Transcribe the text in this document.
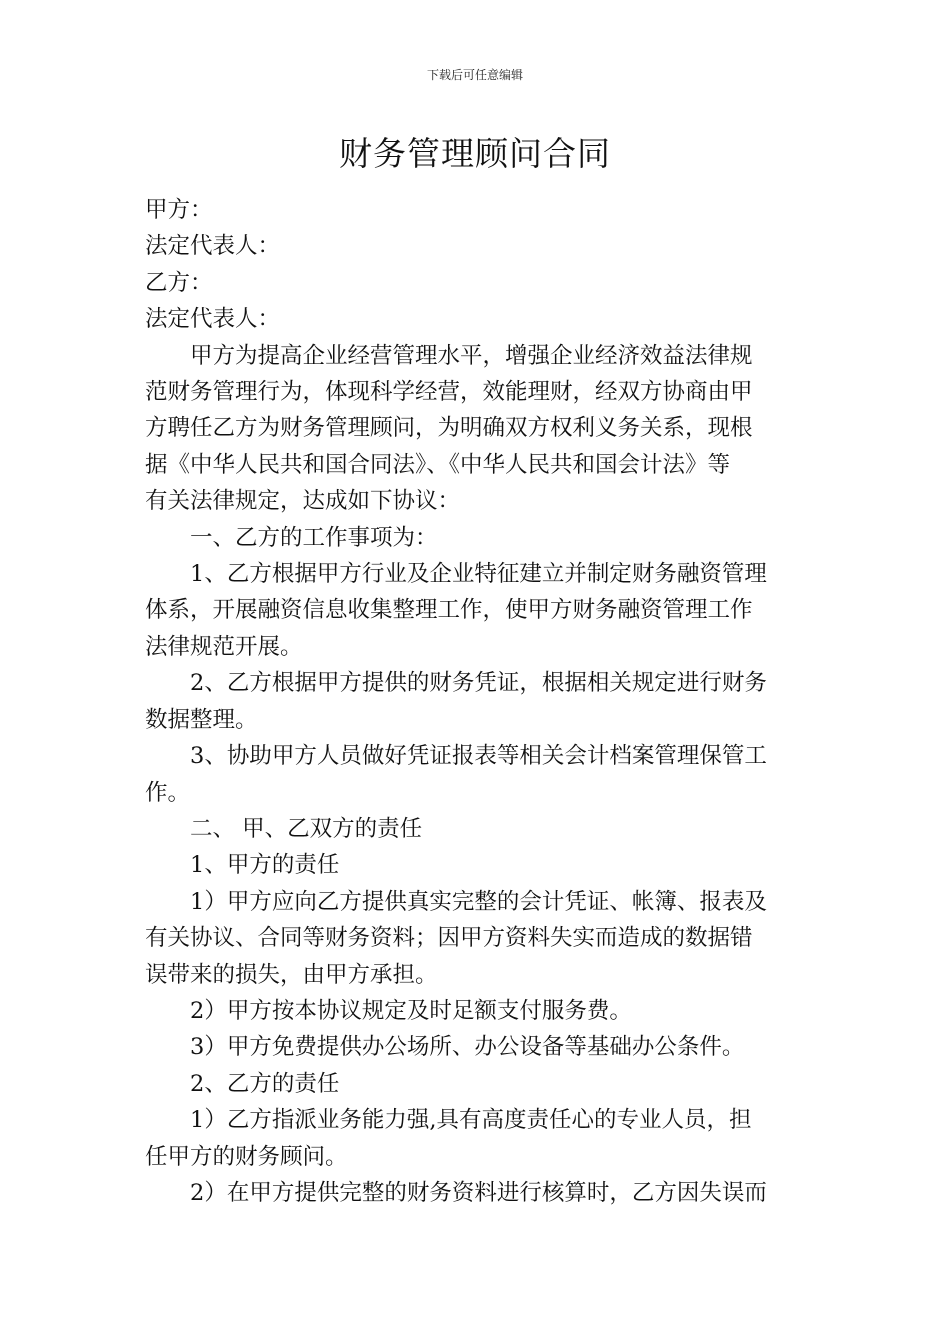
下载后可任意编辑
财务管理顾问合同
甲方：
法定代表人：
乙方：
法定代表人：
甲方为提高企业经营管理水平，增强企业经济效益法律规
范财务管理行为，体现科学经营，效能理财，经双方协商由甲
方聘任乙方为财务管理顾问，为明确双方权利义务关系，现根
据《中华人民共和国合同法》、《中华人民共和国会计法》等
有关法律规定，达成如下协议：
一、乙方的工作事项为：
1、乙方根据甲方行业及企业特征建立并制定财务融资管理
体系，开展融资信息收集整理工作，使甲方财务融资管理工作
法律规范开展。
2、乙方根据甲方提供的财务凭证，根据相关规定进行财务
数据整理。
3、协助甲方人员做好凭证报表等相关会计档案管理保管工
作。
二、 甲、乙双方的责任
1、甲方的责任
1）甲方应向乙方提供真实完整的会计凭证、帐簿、报表及
有关协议、合同等财务资料；因甲方资料失实而造成的数据错
误带来的损失，由甲方承担。
2）甲方按本协议规定及时足额支付服务费。
3）甲方免费提供办公场所、办公设备等基础办公条件。
2、乙方的责任
1）乙方指派业务能力强,具有高度责任心的专业人员，担
任甲方的财务顾问。
2）在甲方提供完整的财务资料进行核算时，乙方因失误而
